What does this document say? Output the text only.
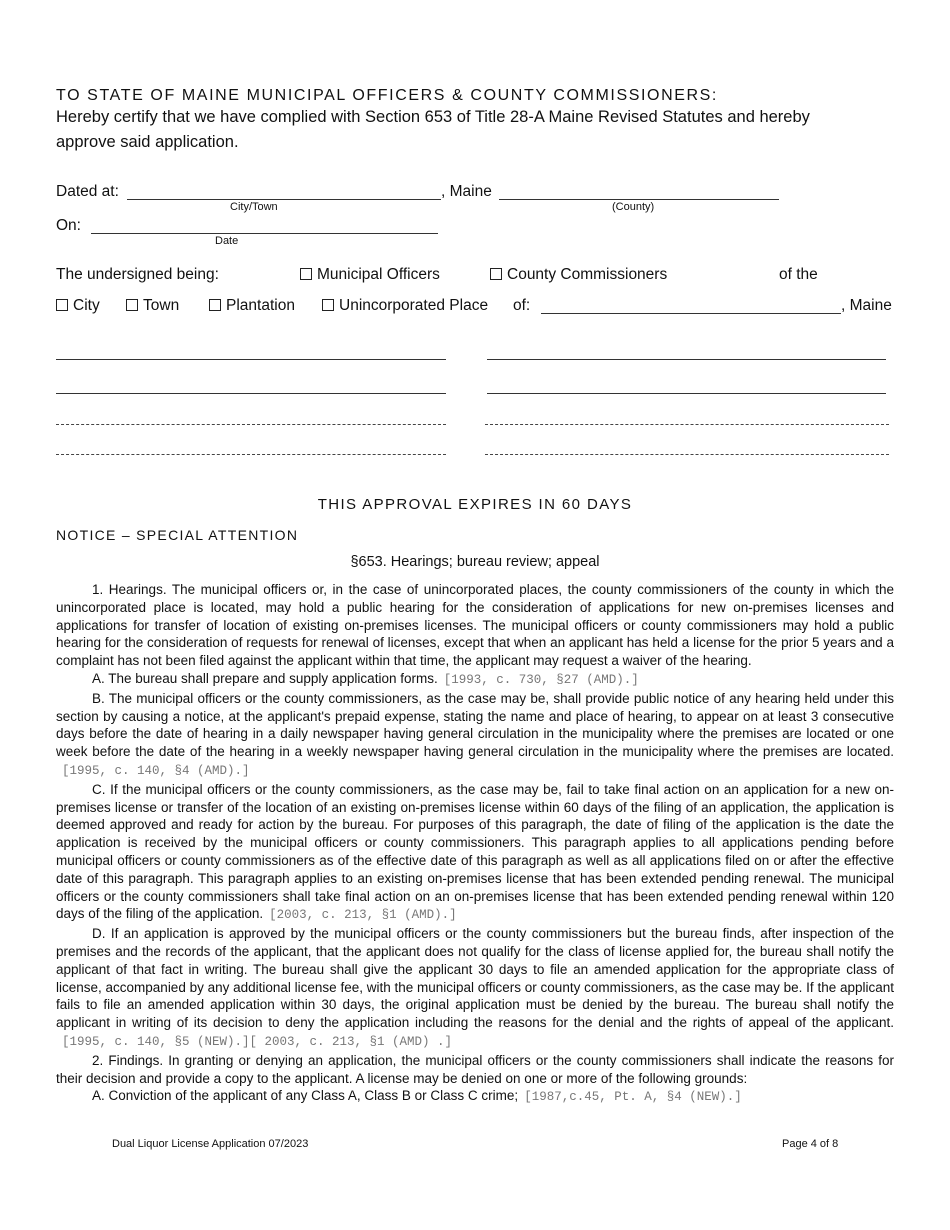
TO STATE OF MAINE MUNICIPAL OFFICERS & COUNTY COMMISSIONERS:
Hereby certify that we have complied with Section 653 of Title 28-A Maine Revised Statutes and hereby approve said application.
Dated at:	, Maine
City/Town	(County)
On:
Date
The undersigned being:	Municipal Officers	County Commissioners	of the
City	Town	Plantation	Unincorporated Place of:	, Maine
THIS APPROVAL EXPIRES IN 60 DAYS
NOTICE – SPECIAL ATTENTION
§653. Hearings; bureau review; appeal

1. Hearings. The municipal officers or, in the case of unincorporated places, the county commissioners of the county in which the unincorporated place is located, may hold a public hearing for the consideration of applications for new on-premises licenses and applications for transfer of location of existing on-premises licenses. The municipal officers or county commissioners may hold a public hearing for the consideration of requests for renewal of licenses, except that when an applicant has held a license for the prior 5 years and a complaint has not been filed against the applicant within that time, the applicant may request a waiver of the hearing.

A. The bureau shall prepare and supply application forms. [1993, c. 730, §27 (AMD).]

B. The municipal officers or the county commissioners, as the case may be, shall provide public notice of any hearing held under this section by causing a notice, at the applicant's prepaid expense, stating the name and place of hearing, to appear on at least 3 consecutive days before the date of hearing in a daily newspaper having general circulation in the municipality where the premises are located or one week before the date of the hearing in a weekly newspaper having general circulation in the municipality where the premises are located.[1995, c. 140, §4 (AMD).]

C. If the municipal officers or the county commissioners, as the case may be, fail to take final action on an application for a new on-premises license or transfer of the location of an existing on-premises license within 60 days of the filing of an application, the application is deemed approved and ready for action by the bureau. For purposes of this paragraph, the date of filing of the application is the date the application is received by the municipal officers or county commissioners. This paragraph applies to all applications pending before municipal officers or county commissioners as of the effective date of this paragraph as well as all applications filed on or after the effective date of this paragraph. This paragraph applies to an existing on-premises license that has been extended pending renewal. The municipal officers or the county commissioners shall take final action on an on-premises license that has been extended pending renewal within 120 days of the filing of the application. [2003, c. 213, §1 (AMD).]

D. If an application is approved by the municipal officers or the county commissioners but the bureau finds, after inspection of the premises and the records of the applicant, that the applicant does not qualify for the class of license applied for, the bureau shall notify the applicant of that fact in writing. The bureau shall give the applicant 30 days to file an amended application for the appropriate class of license, accompanied by any additional license fee, with the municipal officers or county commissioners, as the case may be. If the applicant fails to file an amended application within 30 days, the original application must be denied by the bureau. The bureau shall notify the applicant in writing of its decision to deny the application including the reasons for the denial and the rights of appeal of the applicant.[1995, c. 140, §5 (NEW).][ 2003, c. 213, §1 (AMD) .]

2. Findings. In granting or denying an application, the municipal officers or the county commissioners shall indicate the reasons for their decision and provide a copy to the applicant. A license may be denied on one or more of the following grounds:

A. Conviction of the applicant of any Class A, Class B or Class C crime; [1987,c.45, Pt. A, §4 (NEW).]

Dual Liquor License Application 07/2023	Page 4 of 8
